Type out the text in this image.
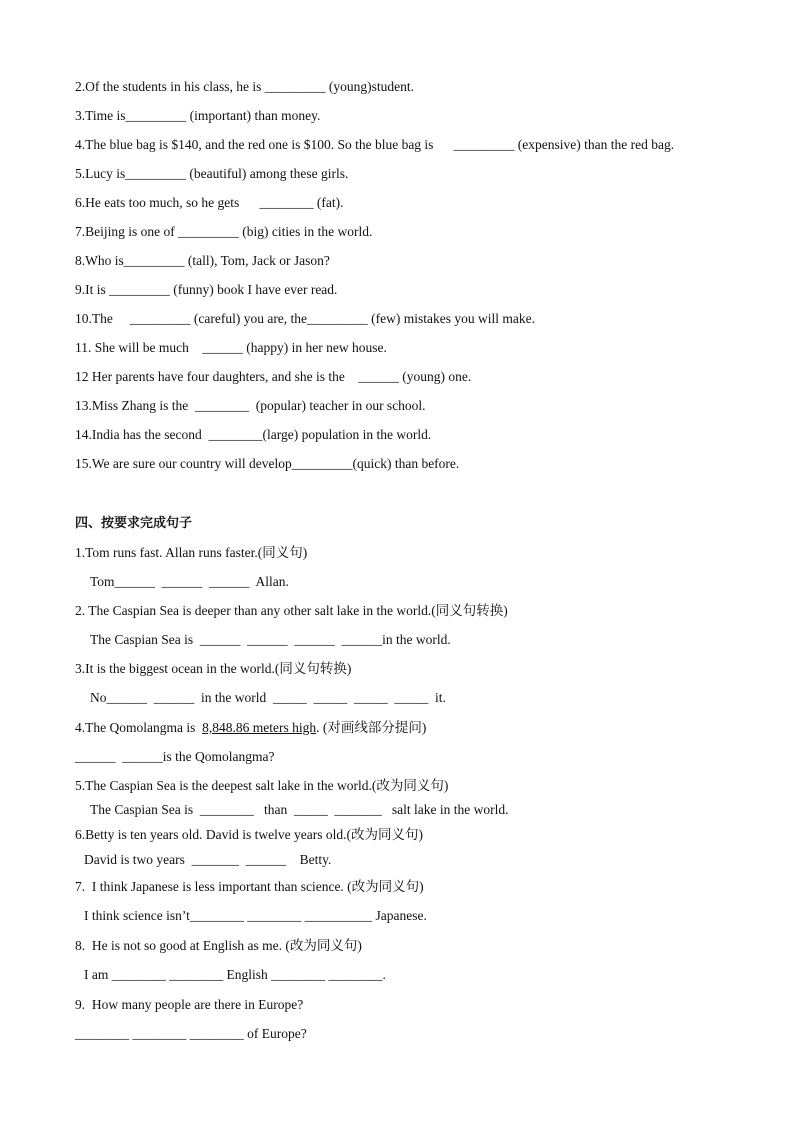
2.Of the students in his class, he is _________ (young)student.
3.Time is_________ (important) than money.
4.The blue bag is $140, and the red one is $100. So the blue bag is      _________ (expensive) than the red bag.
5.Lucy is_________ (beautiful) among these girls.
6.He eats too much, so he gets      ________ (fat).
7.Beijing is one of _________ (big) cities in the world.
8.Who is_________ (tall), Tom, Jack or Jason?
9.It is _________ (funny) book I have ever read.
10.The     _________ (careful) you are, the_________ (few) mistakes you will make.
11. She will be much    ______ (happy) in her new house.
12 Her parents have four daughters, and she is the    ______ (young) one.
13.Miss Zhang is the  ________  (popular) teacher in our school.
14.India has the second  ________(large) population in the world.
15.We are sure our country will develop_________(quick) than before.
四、按要求完成句子
1.Tom runs fast. Allan runs faster.(同义句)
Tom______  ______  ______  Allan.
2. The Caspian Sea is deeper than any other salt lake in the world.(同义句转换)
The Caspian Sea is  ______  ______  ______  ______in the world.
3.It is the biggest ocean in the world.(同义句转换)
No______  ______  in the world  _____  _____  _____  _____  it.
4.The Qomolangma is  8,848.86 meters high. (对画线部分提问)
______  ______is the Qomolangma?
5.The Caspian Sea is the deepest salt lake in the world.(改为同义句)
The Caspian Sea is  ________   than  _____  _______   salt lake in the world.
6.Betty is ten years old. David is twelve years old.(改为同义句)
David is two years  _______  ______    Betty.
7.  I think Japanese is less important than science. (改为同义句)
I think science isn’t________ ________ __________ Japanese.
8.  He is not so good at English as me. (改为同义句)
I am ________ ________ English ________ ________.
9.  How many people are there in Europe?
________ ________ ________ of Europe?
